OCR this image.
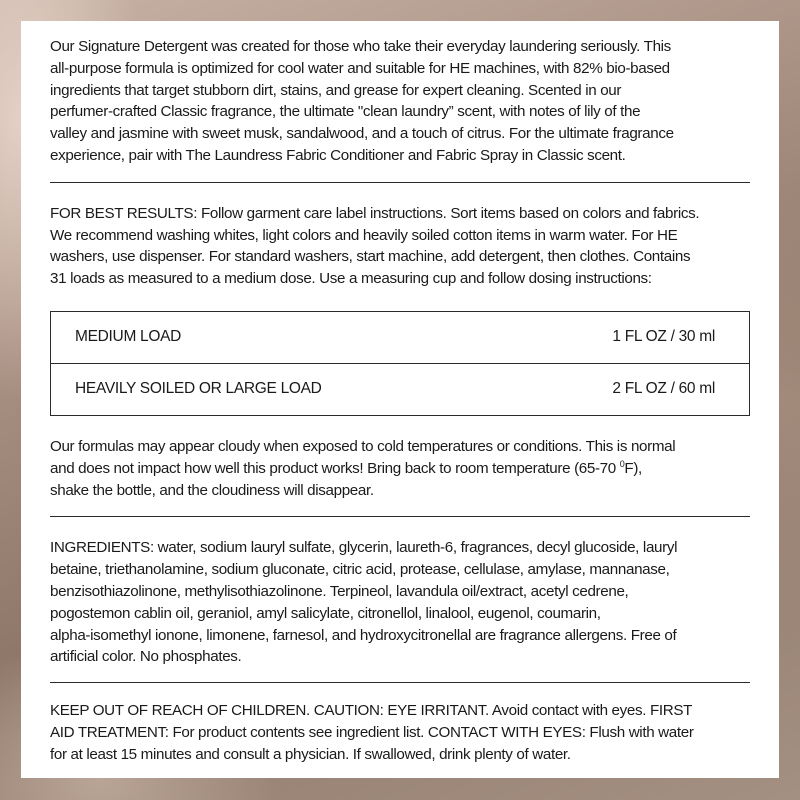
Our Signature Detergent was created for those who take their everyday laundering seriously. This
all-purpose formula is optimized for cool water and suitable for HE machines, with 82% bio-based
ingredients that target stubborn dirt, stains, and grease for expert cleaning. Scented in our
perfumer-crafted Classic fragrance, the ultimate "clean laundry” scent, with notes of lily of the
valley and jasmine with sweet musk, sandalwood, and a touch of citrus. For the ultimate fragrance
experience, pair with The Laundress Fabric Conditioner and Fabric Spray in Classic scent.

FOR BEST RESULTS: Follow garment care label instructions. Sort items based on colors and fabrics.
We recommend washing whites, light colors and heavily soiled cotton items in warm water. For HE
washers, use dispenser. For standard washers, start machine, add detergent, then clothes. Contains
31 loads as measured to a medium dose. Use a measuring cup and follow dosing instructions:

MEDIUM LOAD	1 FL OZ / 30 ml
HEAVILY SOILED OR LARGE LOAD	2 FL OZ / 60 ml

Our formulas may appear cloudy when exposed to cold temperatures or conditions. This is normal
and does not impact how well this product works! Bring back to room temperature (65-70 $^0$F),
shake the bottle, and the cloudiness will disappear.

INGREDIENTS: water, sodium lauryl sulfate, glycerin, laureth-6, fragrances, decyl glucoside, lauryl
betaine, triethanolamine, sodium gluconate, citric acid, protease, cellulase, amylase, mannanase,
benzisothiazolinone, methylisothiazolinone. Terpineol, lavandula oil/extract, acetyl cedrene,
pogostemon cablin oil, geraniol, amyl salicylate, citronellol, linalool, eugenol, coumarin,
alpha-isomethyl ionone, limonene, farnesol, and hydroxycitronellal are fragrance allergens. Free of
artificial color. No phosphates.

KEEP OUT OF REACH OF CHILDREN. CAUTION: EYE IRRITANT. Avoid contact with eyes. FIRST
AID TREATMENT: For product contents see ingredient list. CONTACT WITH EYES: Flush with water
for at least 15 minutes and consult a physician. If swallowed, drink plenty of water.
